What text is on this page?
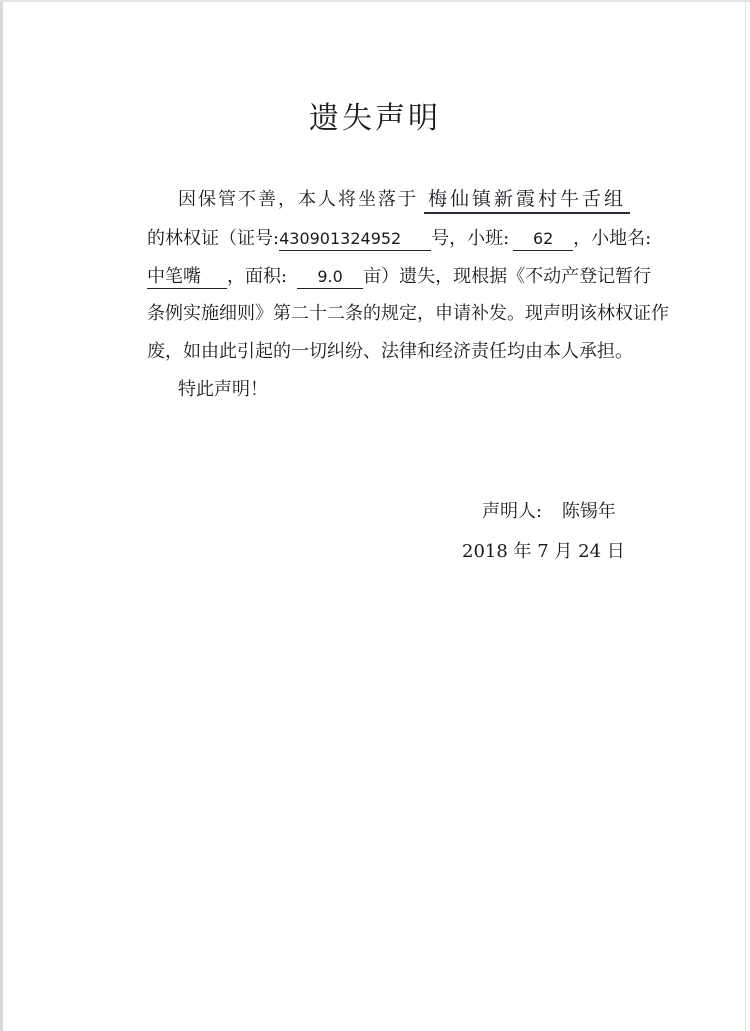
遗失声明
因保管不善，本人将坐落于 梅仙镇新霞村牛舌组
的林权证（证号:430901324952 号，小班: 62 ，小地名:
中笔嘴 ，面积: 9.0 亩）遗失，现根据《不动产登记暂行
条例实施细则》第二十二条的规定，申请补发。现声明该林权证作
废，如由此引起的一切纠纷、法律和经济责任均由本人承担。
特此声明！
声明人: 陈锡年
2018 年 7 月 24 日
